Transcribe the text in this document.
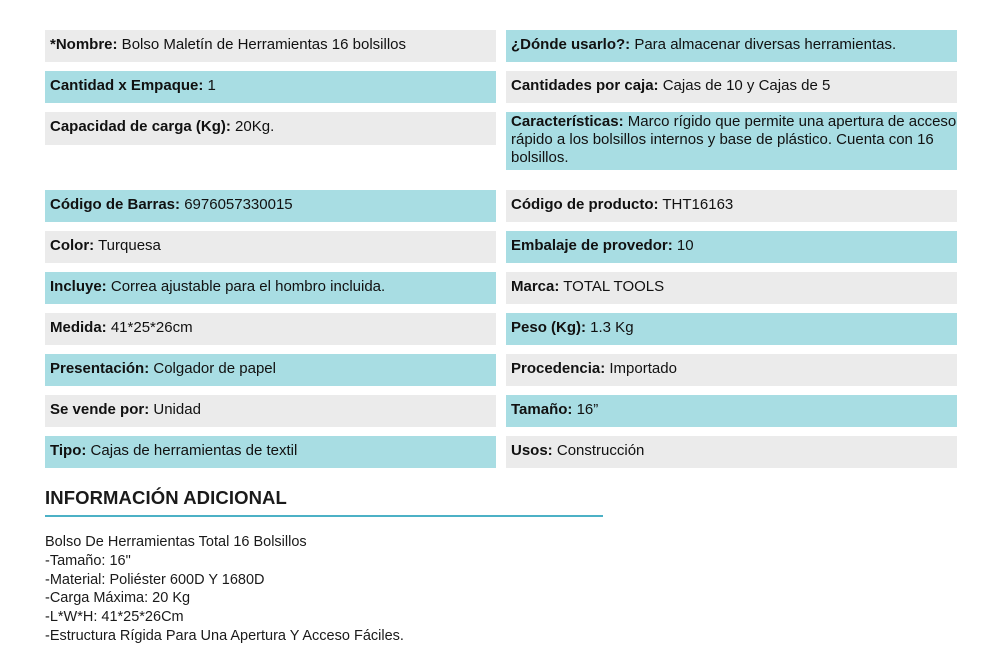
*Nombre: Bolso Maletín de Herramientas 16 bolsillos	¿Dónde usarlo?: Para almacenar diversas herramientas.
Cantidad x Empaque: 1	Cantidades por caja: Cajas de 10 y Cajas de 5
Capacidad de carga (Kg): 20Kg.	Características: Marco rígido que permite una apertura de acceso rápido a los bolsillos internos y base de plástico. Cuenta con 16 bolsillos.
Código de Barras: 6976057330015	Código de producto: THT16163
Color: Turquesa	Embalaje de provedor: 10
Incluye: Correa ajustable para el hombro incluida.	Marca: TOTAL TOOLS
Medida: 41*25*26cm	Peso (Kg): 1.3 Kg
Presentación: Colgador de papel	Procedencia: Importado
Se vende por: Unidad	Tamaño: 16”
Tipo: Cajas de herramientas de textil	Usos: Construcción
INFORMACIÓN ADICIONAL
Bolso De Herramientas Total 16 Bolsillos
-Tamaño: 16"
-Material: Poliéster 600D Y 1680D
-Carga Máxima: 20 Kg
-L*W*H: 41*25*26Cm
-Estructura Rígida Para Una Apertura Y Acceso Fáciles.
